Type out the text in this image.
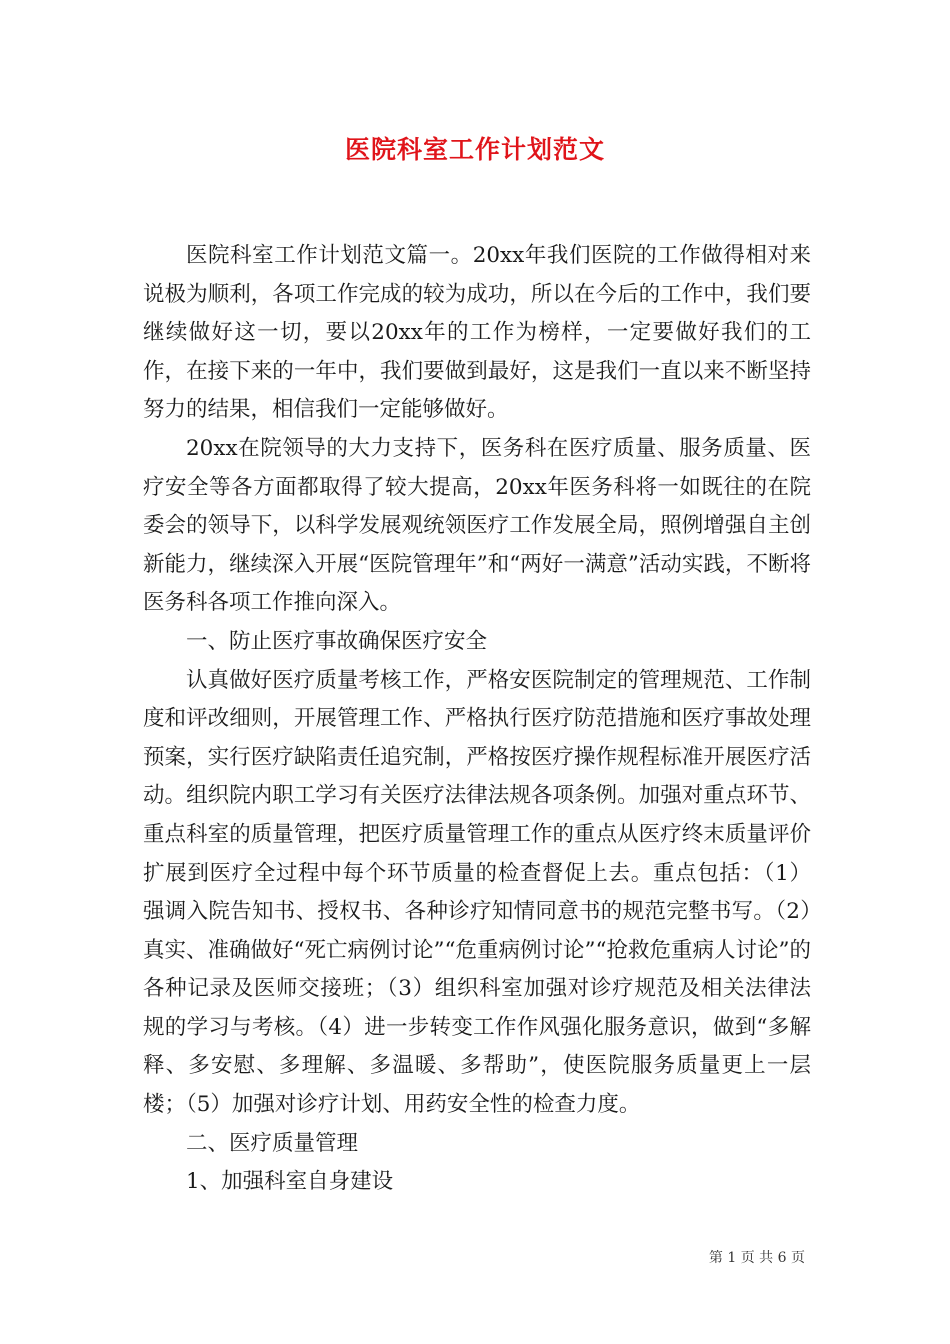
医院科室工作计划范文

医院科室工作计划范文篇一。20xx年我们医院的工作做得相对来说极为顺利，各项工作完成的较为成功，所以在今后的工作中，我们要继续做好这一切，要以20xx年的工作为榜样，一定要做好我们的工作，在接下来的一年中，我们要做到最好，这是我们一直以来不断坚持努力的结果，相信我们一定能够做好。

20xx在院领导的大力支持下，医务科在医疗质量、服务质量、医疗安全等各方面都取得了较大提高，20xx年医务科将一如既往的在院委会的领导下，以科学发展观统领医疗工作发展全局，照例增强自主创新能力，继续深入开展“医院管理年”和“两好一满意”活动实践，不断将医务科各项工作推向深入。

一、防止医疗事故确保医疗安全

认真做好医疗质量考核工作，严格安医院制定的管理规范、工作制度和评改细则，开展管理工作、严格执行医疗防范措施和医疗事故处理预案，实行医疗缺陷责任追究制，严格按医疗操作规程标准开展医疗活动。组织院内职工学习有关医疗法律法规各项条例。加强对重点环节、重点科室的质量管理，把医疗质量管理工作的重点从医疗终末质量评价扩展到医疗全过程中每个环节质量的检查督促上去。重点包括：（1）强调入院告知书、授权书、各种诊疗知情同意书的规范完整书写。（2）真实、准确做好“死亡病例讨论”“危重病例讨论”“抢救危重病人讨论”的各种记录及医师交接班；（3）组织科室加强对诊疗规范及相关法律法规的学习与考核。（4）进一步转变工作作风强化服务意识，做到“多解释、多安慰、多理解、多温暖、多帮助”，使医院服务质量更上一层楼；（5）加强对诊疗计划、用药安全性的检查力度。

二、医疗质量管理

1、加强科室自身建设

第 1 页 共 6 页
